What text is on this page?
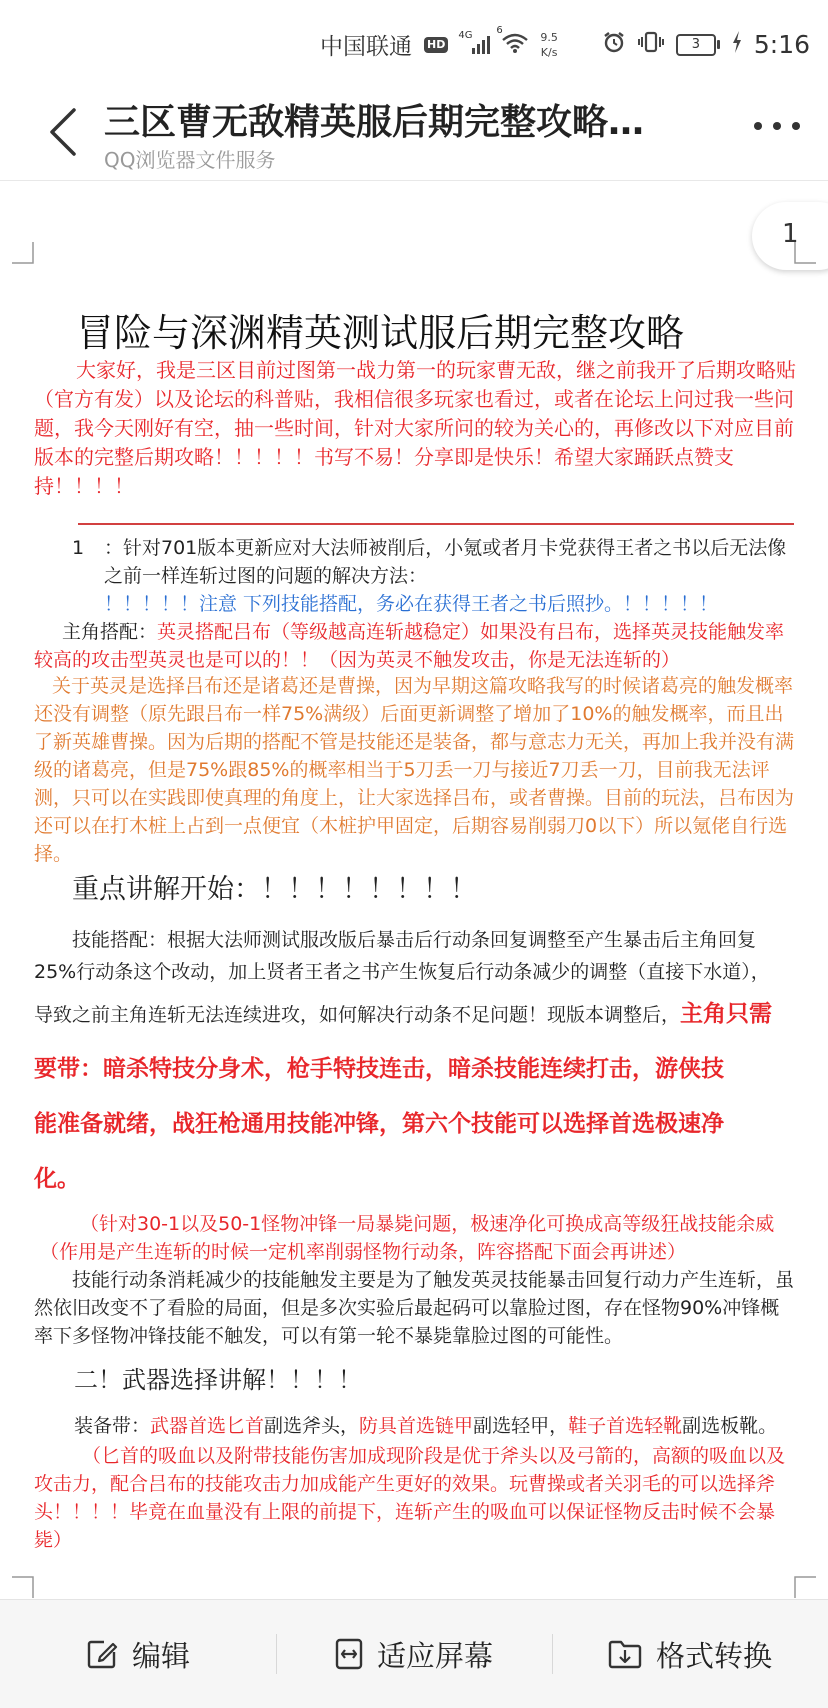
中国联通 HD
4G 6
9.5
K/s
3	5:16
三区曹无敌精英服后期完整攻略…
QQ浏览器文件服务
1
冒险与深渊精英测试服后期完整攻略
大家好，我是三区目前过图第一战力第一的玩家曹无敌，继之前我开了后期攻略贴（官方有发）以及论坛的科普贴，我相信很多玩家也看过，或者在论坛上问过我一些问题，我今天刚好有空，抽一些时间，针对大家所问的较为关心的，再修改以下对应目前版本的完整后期攻略！！！！！书写不易！分享即是快乐！希望大家踊跃点赞支持！！！！
1 ：针对701版本更新应对大法师被削后，小氪或者月卡党获得王者之书以后无法像之前一样连斩过图的问题的解决方法：
！！！！！注意 下列技能搭配，务必在获得王者之书后照抄。！！！！！
主角搭配：英灵搭配吕布（等级越高连斩越稳定）如果没有吕布，选择英灵技能触发率较高的攻击型英灵也是可以的！！（因为英灵不触发攻击，你是无法连斩的）
关于英灵是选择吕布还是诸葛还是曹操，因为早期这篇攻略我写的时候诸葛亮的触发概率还没有调整（原先跟吕布一样75%满级）后面更新调整了增加了10%的触发概率，而且出了新英雄曹操。因为后期的搭配不管是技能还是装备，都与意志力无关，再加上我并没有满级的诸葛亮，但是75%跟85%的概率相当于5刀丢一刀与接近7刀丢一刀，目前我无法评测，只可以在实践即使真理的角度上，让大家选择吕布，或者曹操。目前的玩法，吕布因为还可以在打木桩上占到一点便宜（木桩护甲固定，后期容易削弱刀0以下）所以氪佬自行选择。
重点讲解开始：！！！！！！！！
技能搭配：根据大法师测试服改版后暴击后行动条回复调整至产生暴击后主角回复25%行动条这个改动，加上贤者王者之书产生恢复后行动条减少的调整（直接下水道），
导致之前主角连斩无法连续进攻，如何解决行动条不足问题！现版本调整后，主角只需
要带：暗杀特技分身术，枪手特技连击，暗杀技能连续打击，游侠技
能准备就绪，战狂枪通用技能冲锋，第六个技能可以选择首选极速净
化。
（针对30-1以及50-1怪物冲锋一局暴毙问题，极速净化可换成高等级狂战技能余威（作用是产生连斩的时候一定机率削弱怪物行动条，阵容搭配下面会再讲述）
技能行动条消耗减少的技能触发主要是为了触发英灵技能暴击回复行动力产生连斩，虽然依旧改变不了看脸的局面，但是多次实验后最起码可以靠脸过图，存在怪物90%冲锋概率下多怪物冲锋技能不触发，可以有第一轮不暴毙靠脸过图的可能性。
二！武器选择讲解！！！！
装备带：武器首选匕首副选斧头，防具首选链甲副选轻甲，鞋子首选轻靴副选板靴。
（匕首的吸血以及附带技能伤害加成现阶段是优于斧头以及弓箭的，高额的吸血以及攻击力，配合吕布的技能攻击力加成能产生更好的效果。玩曹操或者关羽毛的可以选择斧头！！！！毕竟在血量没有上限的前提下，连斩产生的吸血可以保证怪物反击时候不会暴毙）
编辑	适应屏幕	格式转换
